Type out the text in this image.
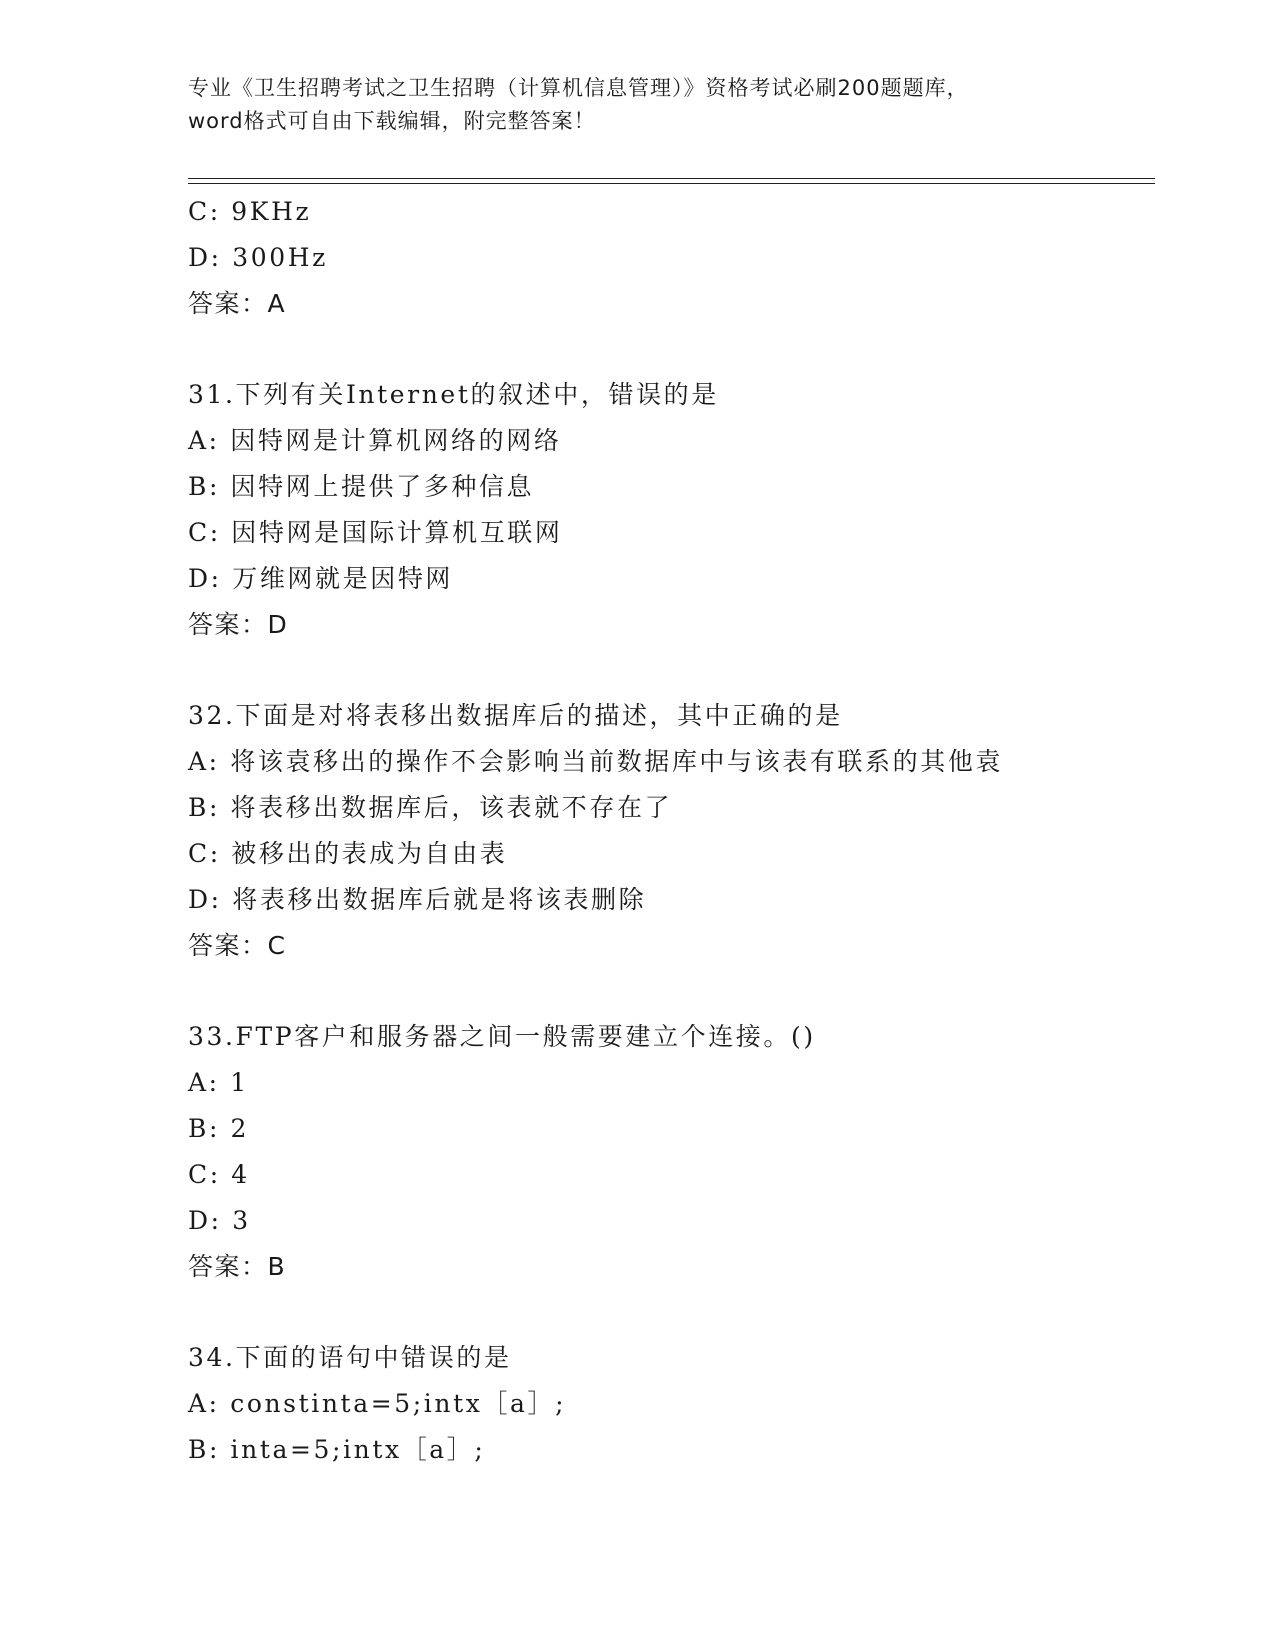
专业《卫生招聘考试之卫生招聘（计算机信息管理）》资格考试必刷200题题库，
word格式可自由下载编辑，附完整答案！
C: 9KHz
D: 300Hz
答案：A
31.下列有关Internet的叙述中，错误的是
A: 因特网是计算机网络的网络
B: 因特网上提供了多种信息
C: 因特网是国际计算机互联网
D: 万维网就是因特网
答案：D
32.下面是对将表移出数据库后的描述，其中正确的是
A: 将该袁移出的操作不会影响当前数据库中与该表有联系的其他袁
B: 将表移出数据库后，该表就不存在了
C: 被移出的表成为自由表
D: 将表移出数据库后就是将该表删除
答案：C
33.FTP客户和服务器之间一般需要建立个连接。()
A: 1
B: 2
C: 4
D: 3
答案：B
34.下面的语句中错误的是
A: constinta=5;intx［a］;
B: inta=5;intx［a］;
